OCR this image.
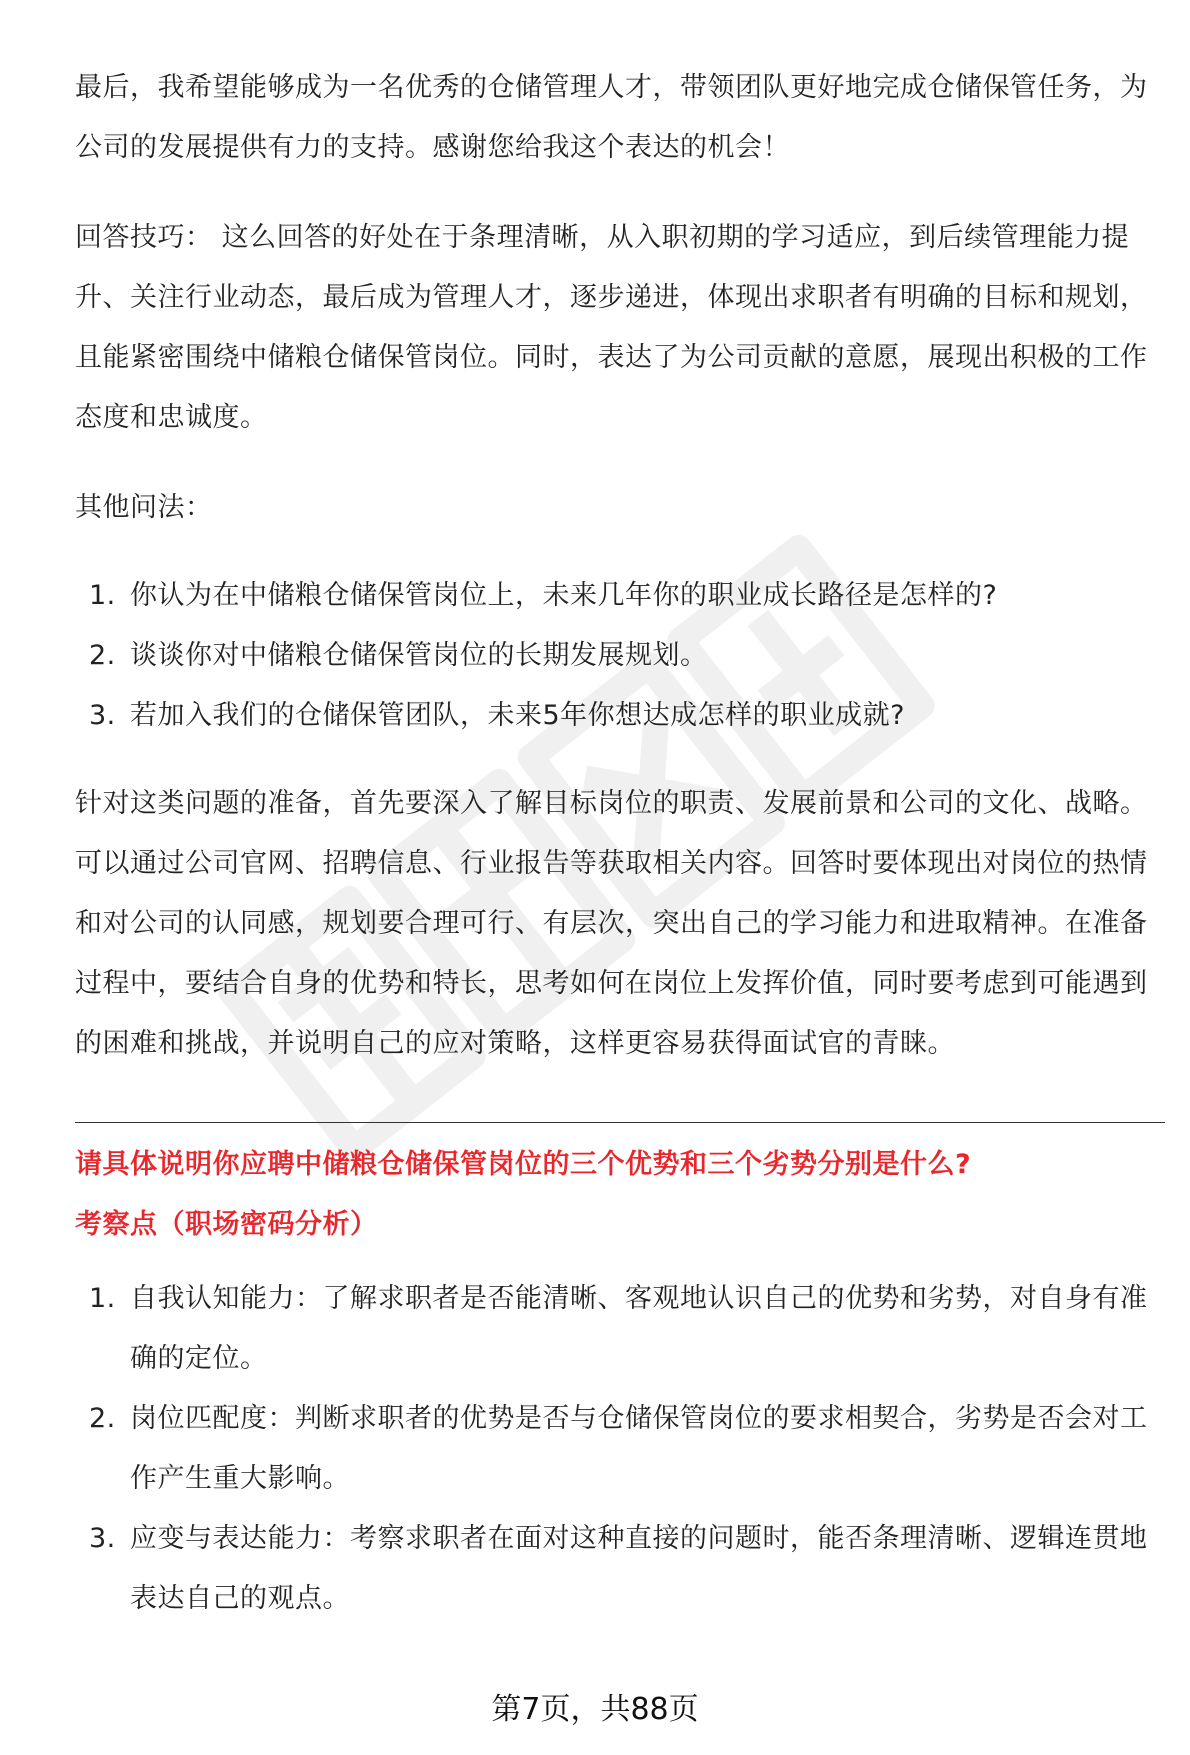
最后，我希望能够成为一名优秀的仓储管理人才，带领团队更好地完成仓储保管任务，为公司的发展提供有力的支持。感谢您给我这个表达的机会！

回答技巧： 这么回答的好处在于条理清晰，从入职初期的学习适应，到后续管理能力提升、关注行业动态，最后成为管理人才，逐步递进，体现出求职者有明确的目标和规划，且能紧密围绕中储粮仓储保管岗位。同时，表达了为公司贡献的意愿，展现出积极的工作态度和忠诚度。

其他问法：

1. 你认为在中储粮仓储保管岗位上，未来几年你的职业成长路径是怎样的?
2. 谈谈你对中储粮仓储保管岗位的长期发展规划。
3. 若加入我们的仓储保管团队，未来5年你想达成怎样的职业成就?

针对这类问题的准备，首先要深入了解目标岗位的职责、发展前景和公司的文化、战略。可以通过公司官网、招聘信息、行业报告等获取相关内容。回答时要体现出对岗位的热情和对公司的认同感，规划要合理可行、有层次，突出自己的学习能力和进取精神。在准备过程中，要结合自身的优势和特长，思考如何在岗位上发挥价值，同时要考虑到可能遇到的困难和挑战，并说明自己的应对策略，这样更容易获得面试官的青睐。

请具体说明你应聘中储粮仓储保管岗位的三个优势和三个劣势分别是什么?

考察点（职场密码分析）

1. 自我认知能力：了解求职者是否能清晰、客观地认识自己的优势和劣势，对自身有准确的定位。
2. 岗位匹配度：判断求职者的优势是否与仓储保管岗位的要求相契合，劣势是否会对工作产生重大影响。
3. 应变与表达能力：考察求职者在面对这种直接的问题时，能否条理清晰、逻辑连贯地表达自己的观点。
第7页，共88页
